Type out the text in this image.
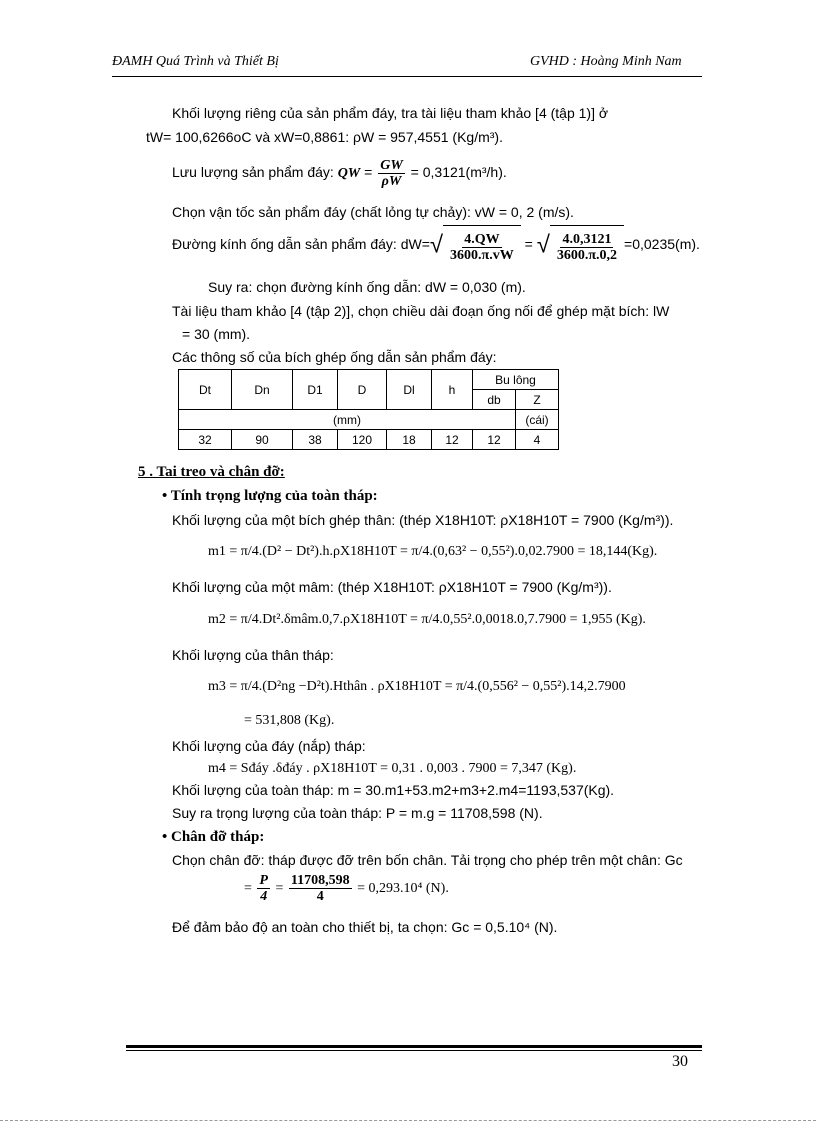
ĐAMH Quá Trình và Thiết Bị	GVHD : Hoàng Minh Nam
Khối lượng riêng của sản phẩm đáy, tra tài liệu tham khảo [4 (tập 1)] ở
tW= 100,6266oC và xW=0,8861: ρW = 957,4551 (Kg/m³).
Lưu lượng sản phẩm đáy: QW = $\frac{GW}{\rho W} = 0,3121(m^3/h)$.
Chọn vận tốc sản phẩm đáy (chất lỏng tự chảy): vW = 0, 2 (m/s).
Đường kính ống dẫn sản phẩm đáy: $dW=√ \frac{4.QW}{3600.\pi.vW}$ = √ $\frac{4.0,3121}{3600.\pi.0,2} =0,0235(m)$.
Suy ra: chọn đường kính ống dẫn: dW = 0,030 (m).
Tài liệu tham khảo [4 (tập 2)], chọn chiều dài đoạn ống nối để ghép mặt bích: lW
= 30 (mm).
Các thông số của bích ghép ống dẫn sản phẩm đáy:
Dt	Dn	D1	D	Dl	h	Bu lông	
						db	Z
(mm)							(cái)
32	90	38	120	18	12	12	4
5 . Tai treo và chân đỡ:
• Tính trọng lượng của toàn tháp:
Khối lượng của một bích ghép thân: (thép X18H10T: ρX18H10T = 7900 (Kg/m³)).
m1 = π/4.(D² − Dt²).h.ρX18H10T = π/4.(0,63² − 0,55²).0,02.7900 = 18,144(Kg).
Khối lượng của một mâm: (thép X18H10T: ρX18H10T = 7900 (Kg/m³)).
m2 = π/4.Dt².δmâm.0,7.ρX18H10T = π/4.0,55².0,0018.0,7.7900 = 1,955 (Kg).
Khối lượng của thân tháp:
m3 = π/4.(D²ng −D²t).Hthân . ρX18H10T = π/4.(0,556² − 0,55²).14,2.7900
= 531,808 (Kg).
Khối lượng của đáy (nắp) tháp:
m4 = Sđáy .δđáy . ρX18H10T = 0,31 . 0,003 . 7900 = 7,347 (Kg).
Khối lượng của toàn tháp: m = 30.m1+53.m2+m3+2.m4=1193,537(Kg).
Suy ra trọng lượng của toàn tháp: P = m.g = 11708,598 (N).
• Chân đỡ tháp:
Chọn chân đỡ: tháp được đỡ trên bốn chân. Tải trọng cho phép trên một chân: Gc
= $\frac{P}{4} = \frac{11708,598}{4} = 0,293.10^4$ (N).
Để đảm bảo độ an toàn cho thiết bị, ta chọn: Gc = 0,5.10⁴ (N).
30
